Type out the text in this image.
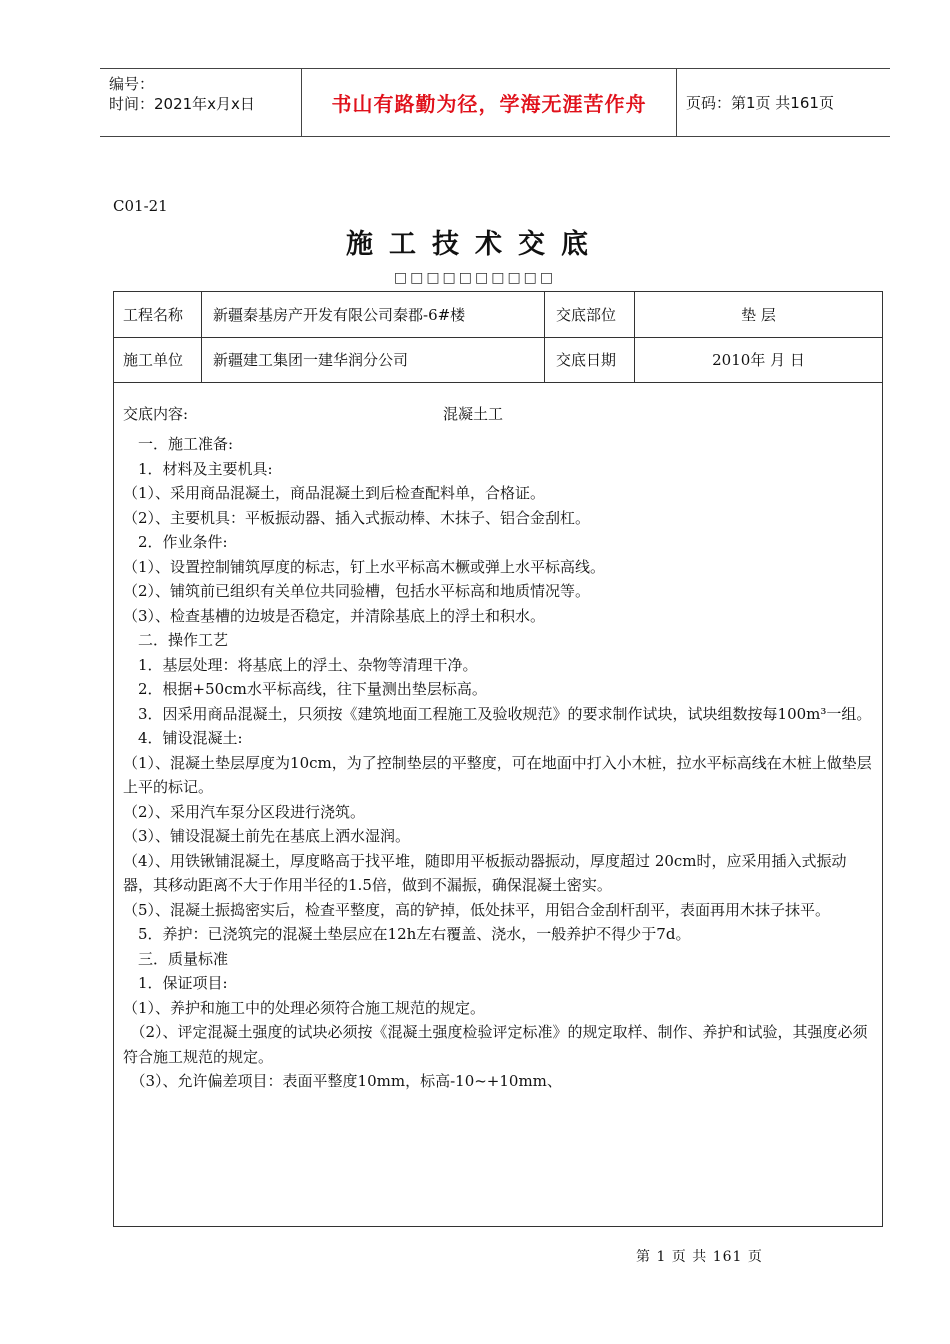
编号：
时间：2021年x月x日	书山有路勤为径，学海无涯苦作舟	页码：第1页 共161页
C01-21
施工技术交底
□□□□□□□□□□
工程名称	新疆秦基房产开发有限公司秦郡-6#楼	交底部位	垫 层
施工单位	新疆建工集团一建华润分公司	交底日期	2010年 月 日
交底内容:	混凝土工

　一．施工准备:

　1．材料及主要机具:

（1）、采用商品混凝土，商品混凝土到后检查配料单，合格证。

（2）、主要机具：平板振动器、插入式振动棒、木抹子、铝合金刮杠。

　2．作业条件:

（1）、设置控制铺筑厚度的标志，钉上水平标高木橛或弹上水平标高线。

（2）、铺筑前已组织有关单位共同验槽，包括水平标高和地质情况等。

（3）、检查基槽的边坡是否稳定，并清除基底上的浮土和积水。

　二．操作工艺

　1．基层处理：将基底上的浮土、杂物等清理干净。

　2．根据+50cm水平标高线，往下量测出垫层标高。

　3．因采用商品混凝土，只须按《建筑地面工程施工及验收规范》的要求制作试块，试块组数按每100m³一组。

　4．铺设混凝土:

（1）、混凝土垫层厚度为10cm，为了控制垫层的平整度，可在地面中打入小木桩，拉水平标高线在木桩上做垫层上平的标记。

（2）、采用汽车泵分区段进行浇筑。

（3）、铺设混凝土前先在基底上洒水湿润。

（4）、用铁锹铺混凝土，厚度略高于找平堆，随即用平板振动器振动，厚度超过 20cm时，应采用插入式振动器，其移动距离不大于作用半径的1.5倍，做到不漏振，确保混凝土密实。

（5）、混凝土振捣密实后，检查平整度，高的铲掉，低处抹平，用铝合金刮杆刮平，表面再用木抹子抹平。

　5．养护：已浇筑完的混凝土垫层应在12h左右覆盖、浇水，一般养护不得少于7d。

　三．质量标准

　1．保证项目:

（1）、养护和施工中的处理必须符合施工规范的规定。

　（2）、评定混凝土强度的试块必须按《混凝土强度检验评定标准》的规定取样、制作、养护和试验，其强度必须符合施工规范的规定。

　（3）、允许偏差项目：表面平整度10mm，标高-10~+10mm、

第 1 页 共 161 页
